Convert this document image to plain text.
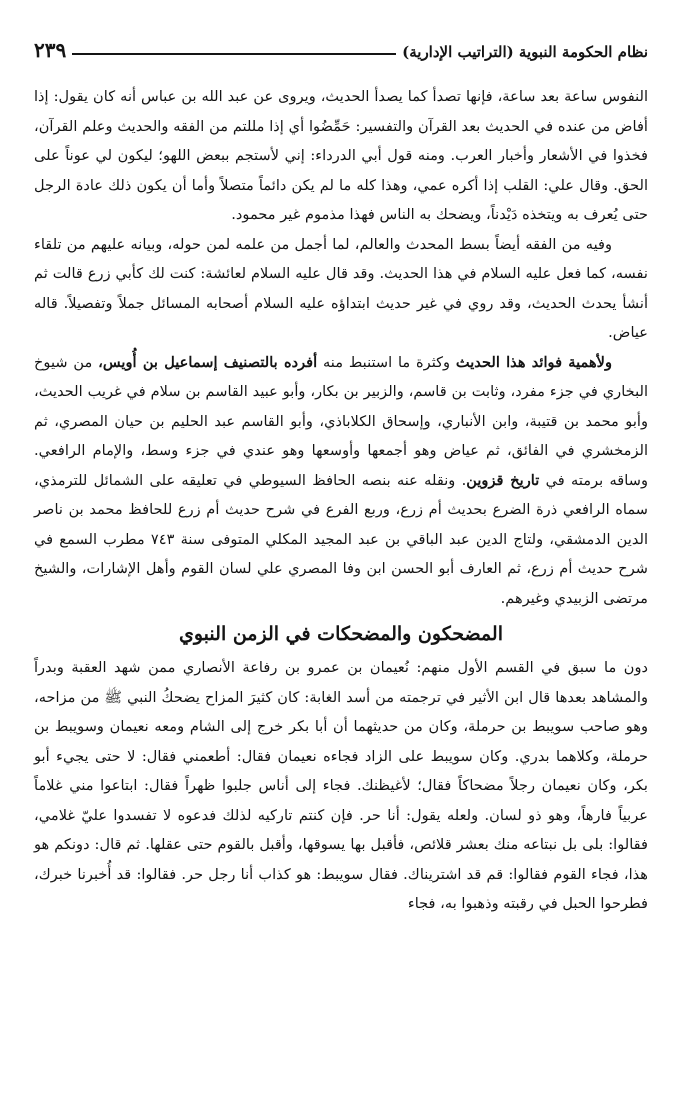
نظام الحكومة النبوية (التراتيب الإدارية)
٢٣٩

النفوس ساعة بعد ساعة، فإنها تصدأ كما يصدأ الحديث، ويروى عن عبد الله بن عباس أنه كان يقول: إذا أفاض من عنده في الحديث بعد القرآن والتفسير: حَمِّضُوا أي إذا مللتم من الفقه والحديث وعلم القرآن، فخذوا في الأشعار وأخبار العرب. ومنه قول أبي الدرداء: إني لأستجم ببعض اللهو؛ ليكون لي عوناً على الحق. وقال علي: القلب إذا أكره عمي، وهذا كله ما لم يكن دائماً متصلاً وأما أن يكون ذلك عادة الرجل حتى يُعرف به ويتخذه دَيْدناً، ويضحك به الناس فهذا مذموم غير محمود.

وفيه من الفقه أيضاً بسط المحدث والعالم، لما أجمل من علمه لمن حوله، وبيانه عليهم من تلقاء نفسه، كما فعل عليه السلام في هذا الحديث. وقد قال عليه السلام لعائشة: كنت لك كأبي زرع قالت ثم أنشأ يحدث الحديث، وقد روي في غير حديث ابتداؤه عليه السلام أصحابه المسائل جملاً وتفصيلاً. قاله عياض.

ولأهمية فوائد هذا الحديث وكثرة ما استنبط منه أفرده بالتصنيف إسماعيل بن أُويس، من شيوخ البخاري في جزء مفرد، وثابت بن قاسم، والزبير بن بكار، وأبو عبيد القاسم بن سلام في غريب الحديث، وأبو محمد بن قتيبة، وابن الأنباري، وإسحاق الكلاباذي، وأبو القاسم عبد الحليم بن حيان المصري، ثم الزمخشري في الفائق، ثم عياض وهو أجمعها وأوسعها وهو عندي في جزء وسط، والإمام الرافعي. وساقه برمته في تاريخ قزوين. ونقله عنه بنصه الحافظ السيوطي في تعليقه على الشمائل للترمذي، سماه الرافعي ذرة الضرع بحديث أم زرع، وربع الفرع في شرح حديث أم زرع للحافظ محمد بن ناصر الدين الدمشقي، ولتاج الدين عبد الباقي بن عبد المجيد المكلي المتوفى سنة ٧٤٣ مطرب السمع في شرح حديث أم زرع، ثم العارف أبو الحسن ابن وفا المصري علي لسان القوم وأهل الإشارات، والشيخ مرتضى الزبيدي وغيرهم.

المضحكون والمضحكات في الزمن النبوي

دون ما سبق في القسم الأول منهم: نُعيمان بن عمرو بن رفاعة الأنصاري ممن شهد العقبة وبدراً والمشاهد بعدها قال ابن الأثير في ترجمته من أسد الغابة: كان كثيرَ المزاح يضحكُ النبي ﷺ من مزاحه، وهو صاحب سويبط بن حرملة، وكان من حديثهما أن أبا بكر خرج إلى الشام ومعه نعيمان وسويبط بن حرملة، وكلاهما بدري. وكان سويبط على الزاد فجاءه نعيمان فقال: أطعمني فقال: لا حتى يجيء أبو بكر، وكان نعيمان رجلاً مضحاكاً فقال؛ لأغيظنك. فجاء إلى أناس جلبوا ظهراً فقال: ابتاعوا مني غلاماً عربياً فارهاً، وهو ذو لسان. ولعله يقول: أنا حر. فإن كنتم تاركيه لذلك فدعوه لا تفسدوا عليّ غلامي، فقالوا: بلى بل نبتاعه منك بعشر قلائص، فأقبل بها يسوقها، وأقبل بالقوم حتى عقلها. ثم قال: دونكم هو هذا، فجاء القوم فقالوا: قم قد اشتريناك. فقال سويبط: هو كذاب أنا رجل حر. فقالوا: قد أُخبرنا خبرك، فطرحوا الحبل في رقبته وذهبوا به، فجاء
